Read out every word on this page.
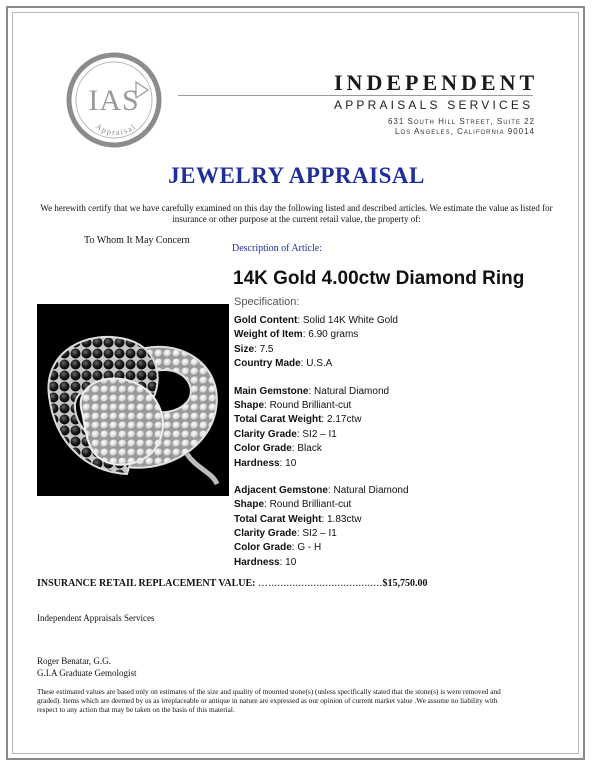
IAS
Appraisal
INDEPENDENT
APPRAISALS SERVICES
631 South Hill Street, Suite 22
Los Angeles, California 90014
JEWELRY APPRAISAL
We herewith certify that we have carefully examined on this day the following listed and described articles. We estimate the value as listed for insurance or other purpose at the current retail value, the property of:
To Whom It May Concern
Description of Article:
14K Gold 4.00ctw Diamond Ring
Specification:
Gold Content: Solid 14K White Gold
Weight of Item: 6.90 grams
Size: 7.5
Country Made: U.S.A
Main Gemstone: Natural Diamond
Shape: Round Brilliant-cut
Total Carat Weight: 2.17ctw
Clarity Grade: SI2 – I1
Color Grade: Black
Hardness: 10
Adjacent Gemstone: Natural Diamond
Shape: Round Brilliant-cut
Total Carat Weight: 1.83ctw
Clarity Grade: SI2 – I1
Color Grade: G - H
Hardness: 10
INSURANCE RETAIL REPLACEMENT VALUE: …......................................$15,750.00
Independent Appraisals Services
Roger Benatar, G.G.
G.I.A Graduate Gemologist
These estimated values are based only on estimates of the size and quality of mounted stone(s) (unless specifically stated that the stone(s) is were removed and graded). Items which are deemed by us as irreplaceable or antique in nature are expressed as our opinion of current market value .We assume no liability with respect to any action that may be taken on the basis of this material.
